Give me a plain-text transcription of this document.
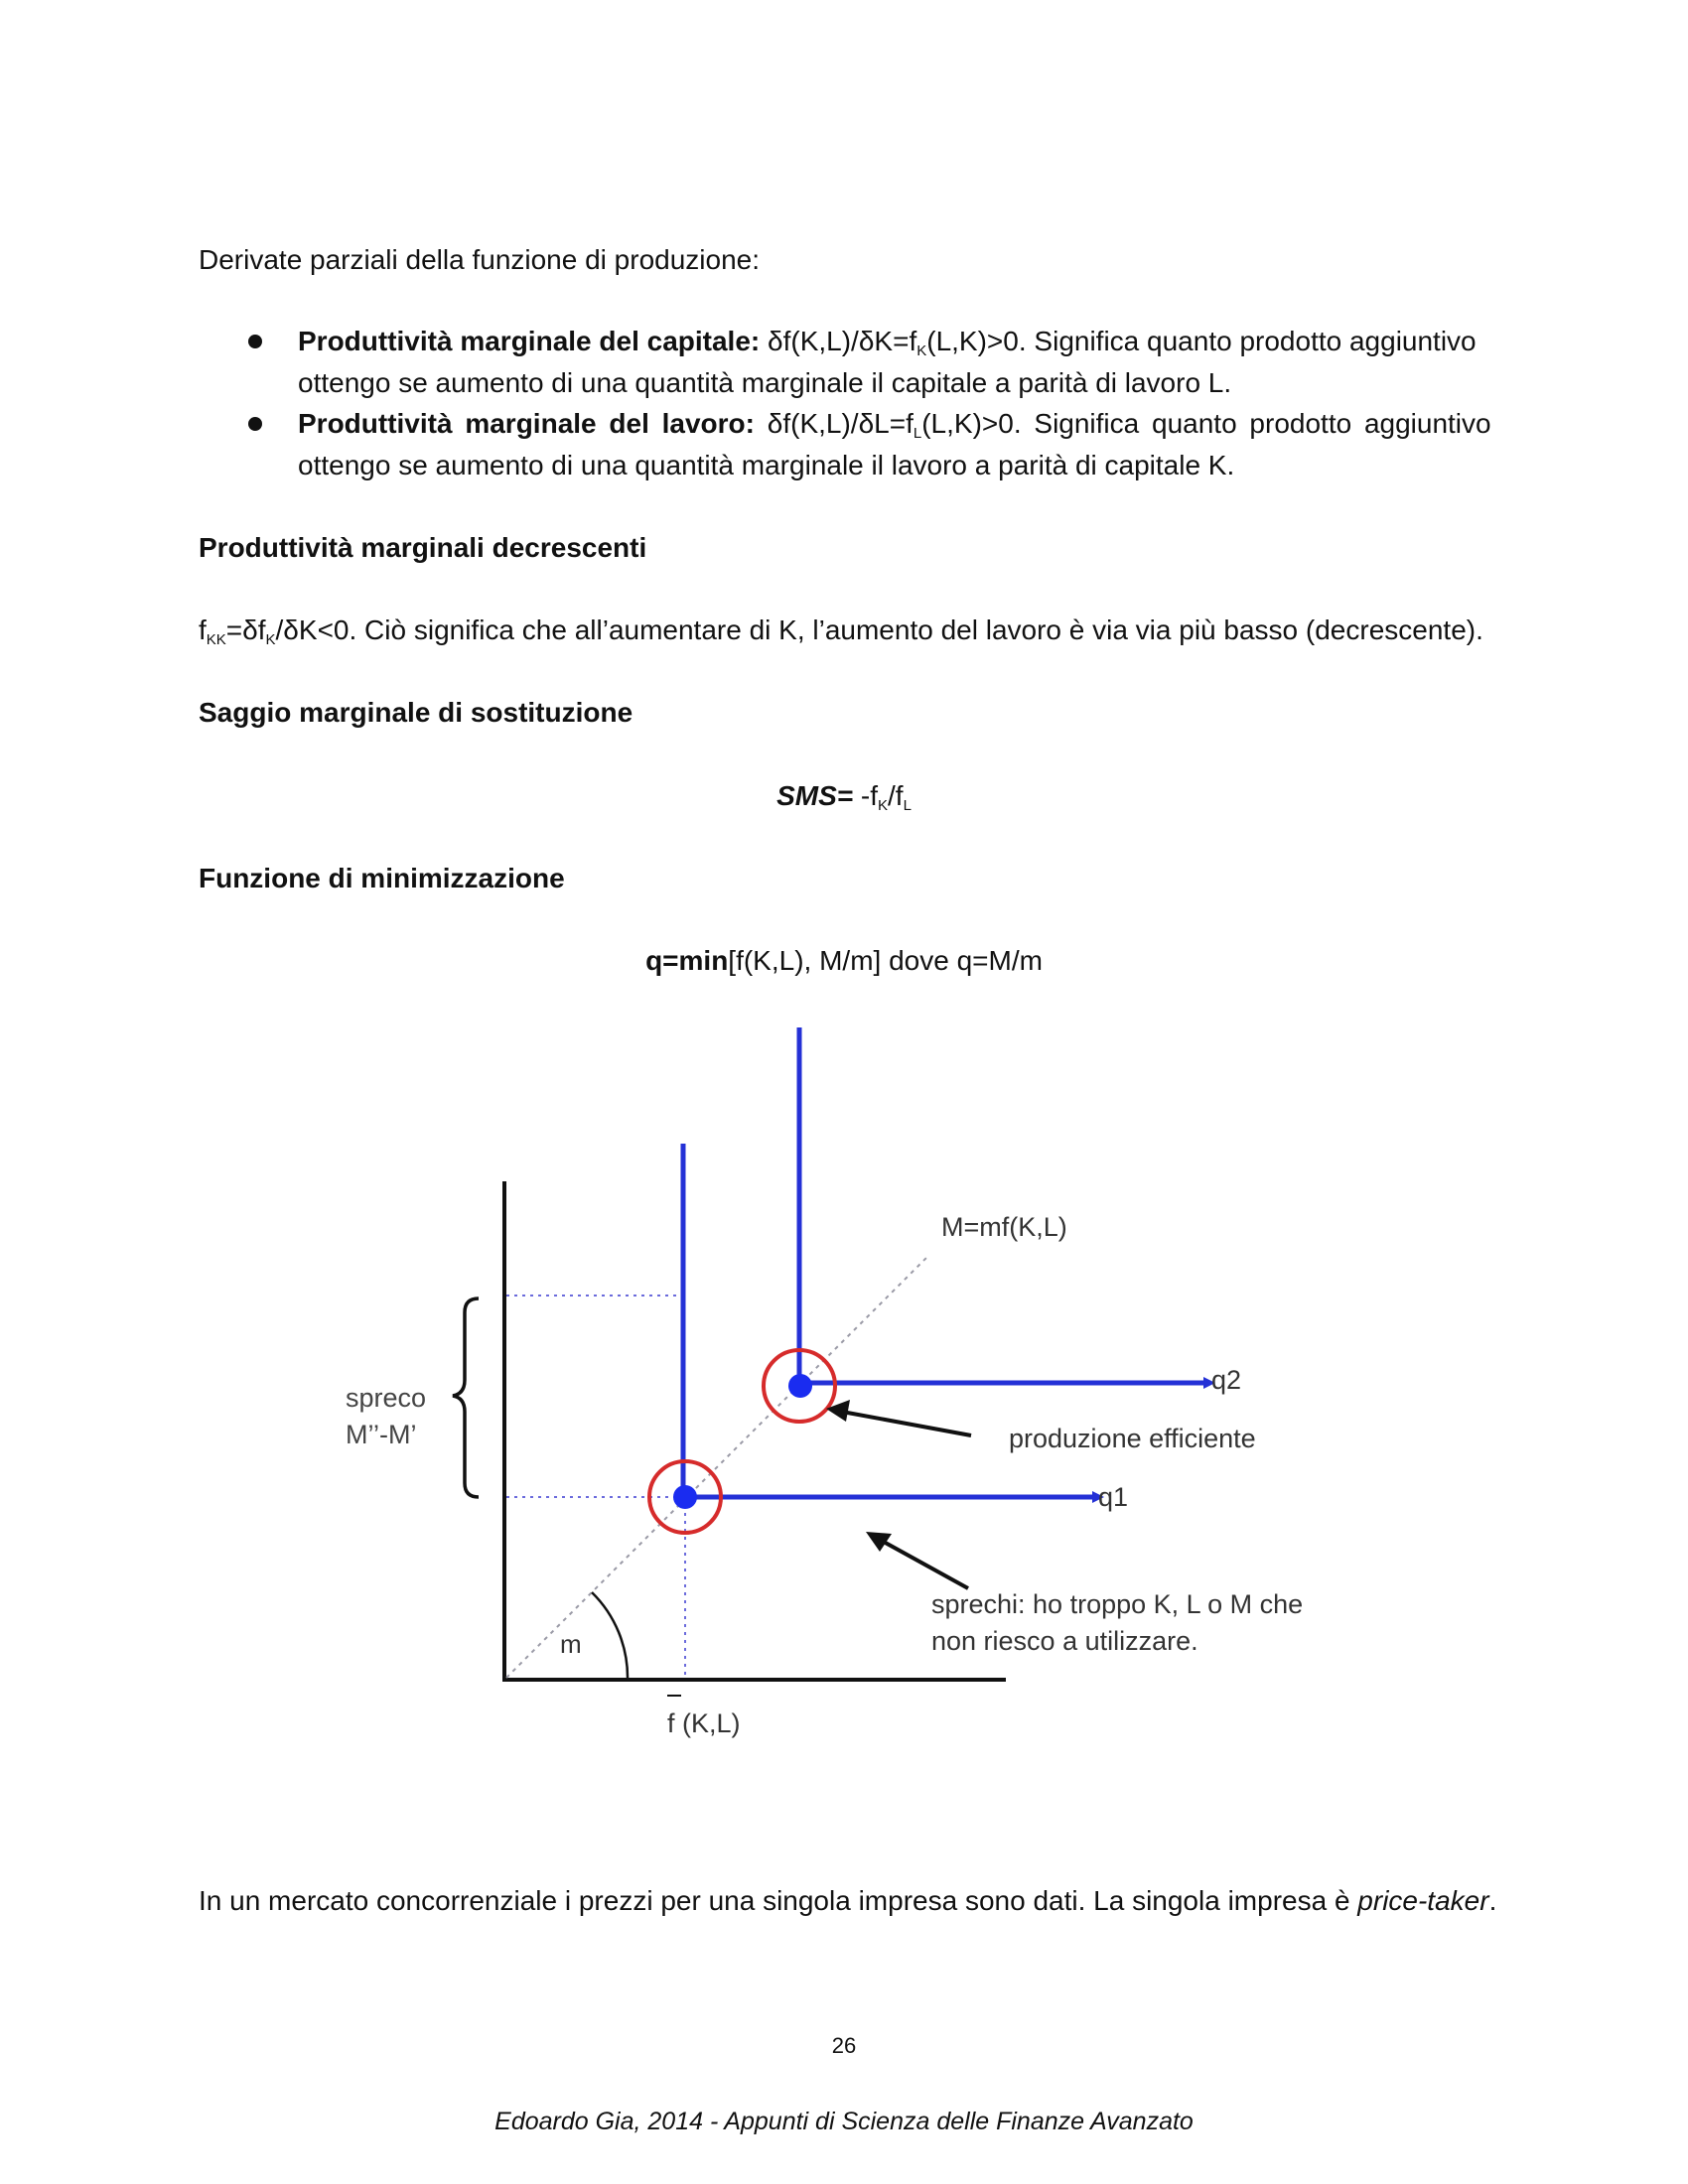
Derivate parziali della funzione di produzione:
Produttività marginale del capitale: $\delta f(K,L)/\delta K=f_K(L,K)>0$. Significa quanto prodotto aggiuntivo
ottengo se aumento di una quantità marginale il capitale a parità di lavoro L.
Produttività marginale del lavoro: $\delta f(K,L)/\delta L=f_L(L,K)>0$. Significa quanto prodotto aggiuntivo
ottengo se aumento di una quantità marginale il lavoro a parità di capitale K.
Produttività marginali decrescenti
$f_{KK}=\delta f_K/\delta K<0$. Ciò significa che all’aumentare di K, l’aumento del lavoro è via via più basso (decrescente).
Saggio marginale di sostituzione
$SMS= -f_K/f_L$
Funzione di minimizzazione
q=min[f(K,L), M/m] dove q=M/m
M=mf(K,L)
q2
q1
produzione efficiente
sprechi: ho troppo K, L o M che
non riesco a utilizzare.
spreco
M’’-M’
m
f (K,L)
In un mercato concorrenziale i prezzi per una singola impresa sono dati. La singola impresa è price-taker.
26
Edoardo Gia, 2014 - Appunti di Scienza delle Finanze Avanzato
